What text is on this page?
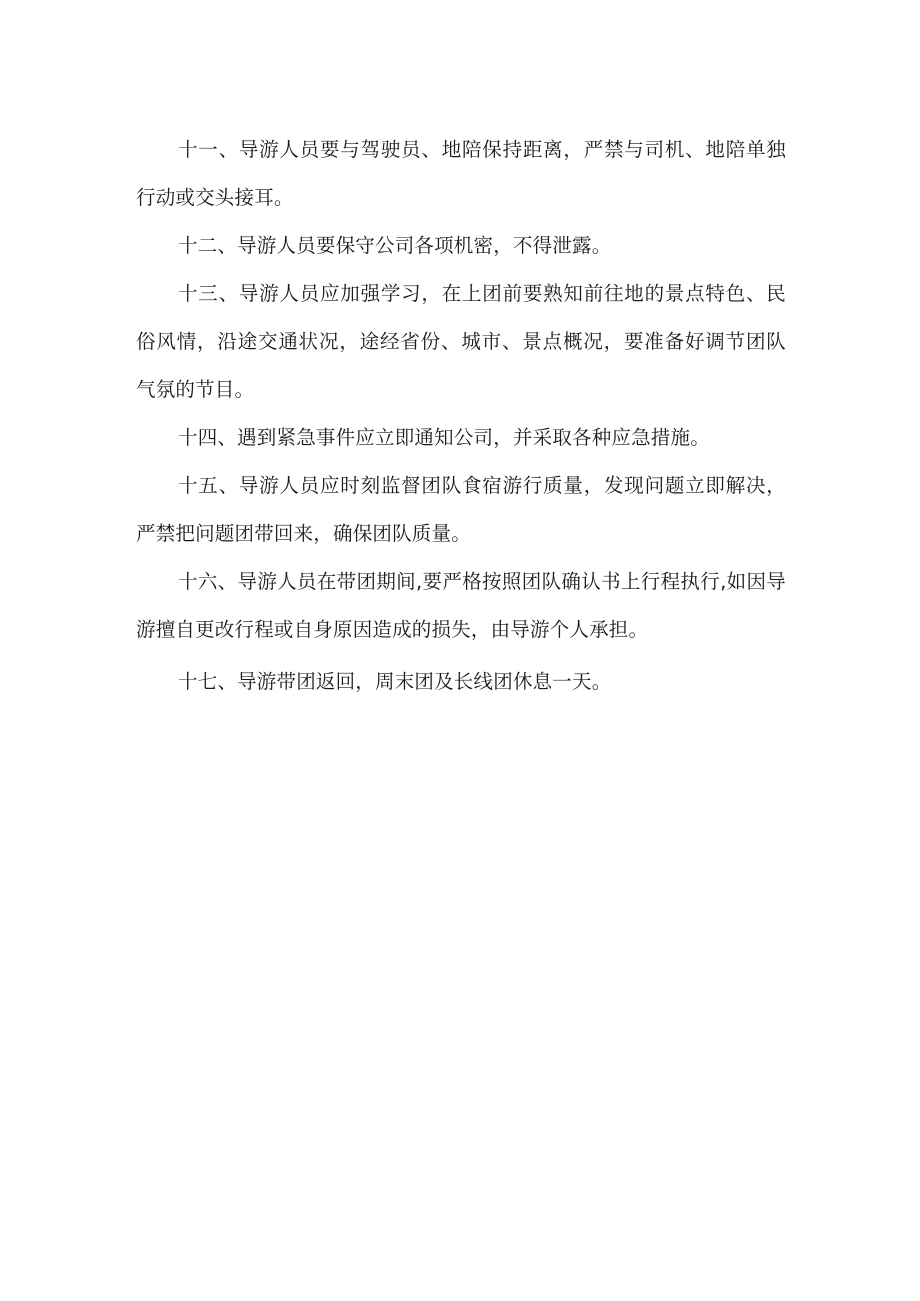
十一、导游人员要与驾驶员、地陪保持距离，严禁与司机、地陪单独行动或交头接耳。

十二、导游人员要保守公司各项机密，不得泄露。

十三、导游人员应加强学习，在上团前要熟知前往地的景点特色、民俗风情，沿途交通状况，途经省份、城市、景点概况，要准备好调节团队气氛的节目。

十四、遇到紧急事件应立即通知公司，并采取各种应急措施。

十五、导游人员应时刻监督团队食宿游行质量，发现问题立即解决，严禁把问题团带回来，确保团队质量。

十六、导游人员在带团期间,要严格按照团队确认书上行程执行,如因导游擅自更改行程或自身原因造成的损失，由导游个人承担。

十七、导游带团返回，周末团及长线团休息一天。
